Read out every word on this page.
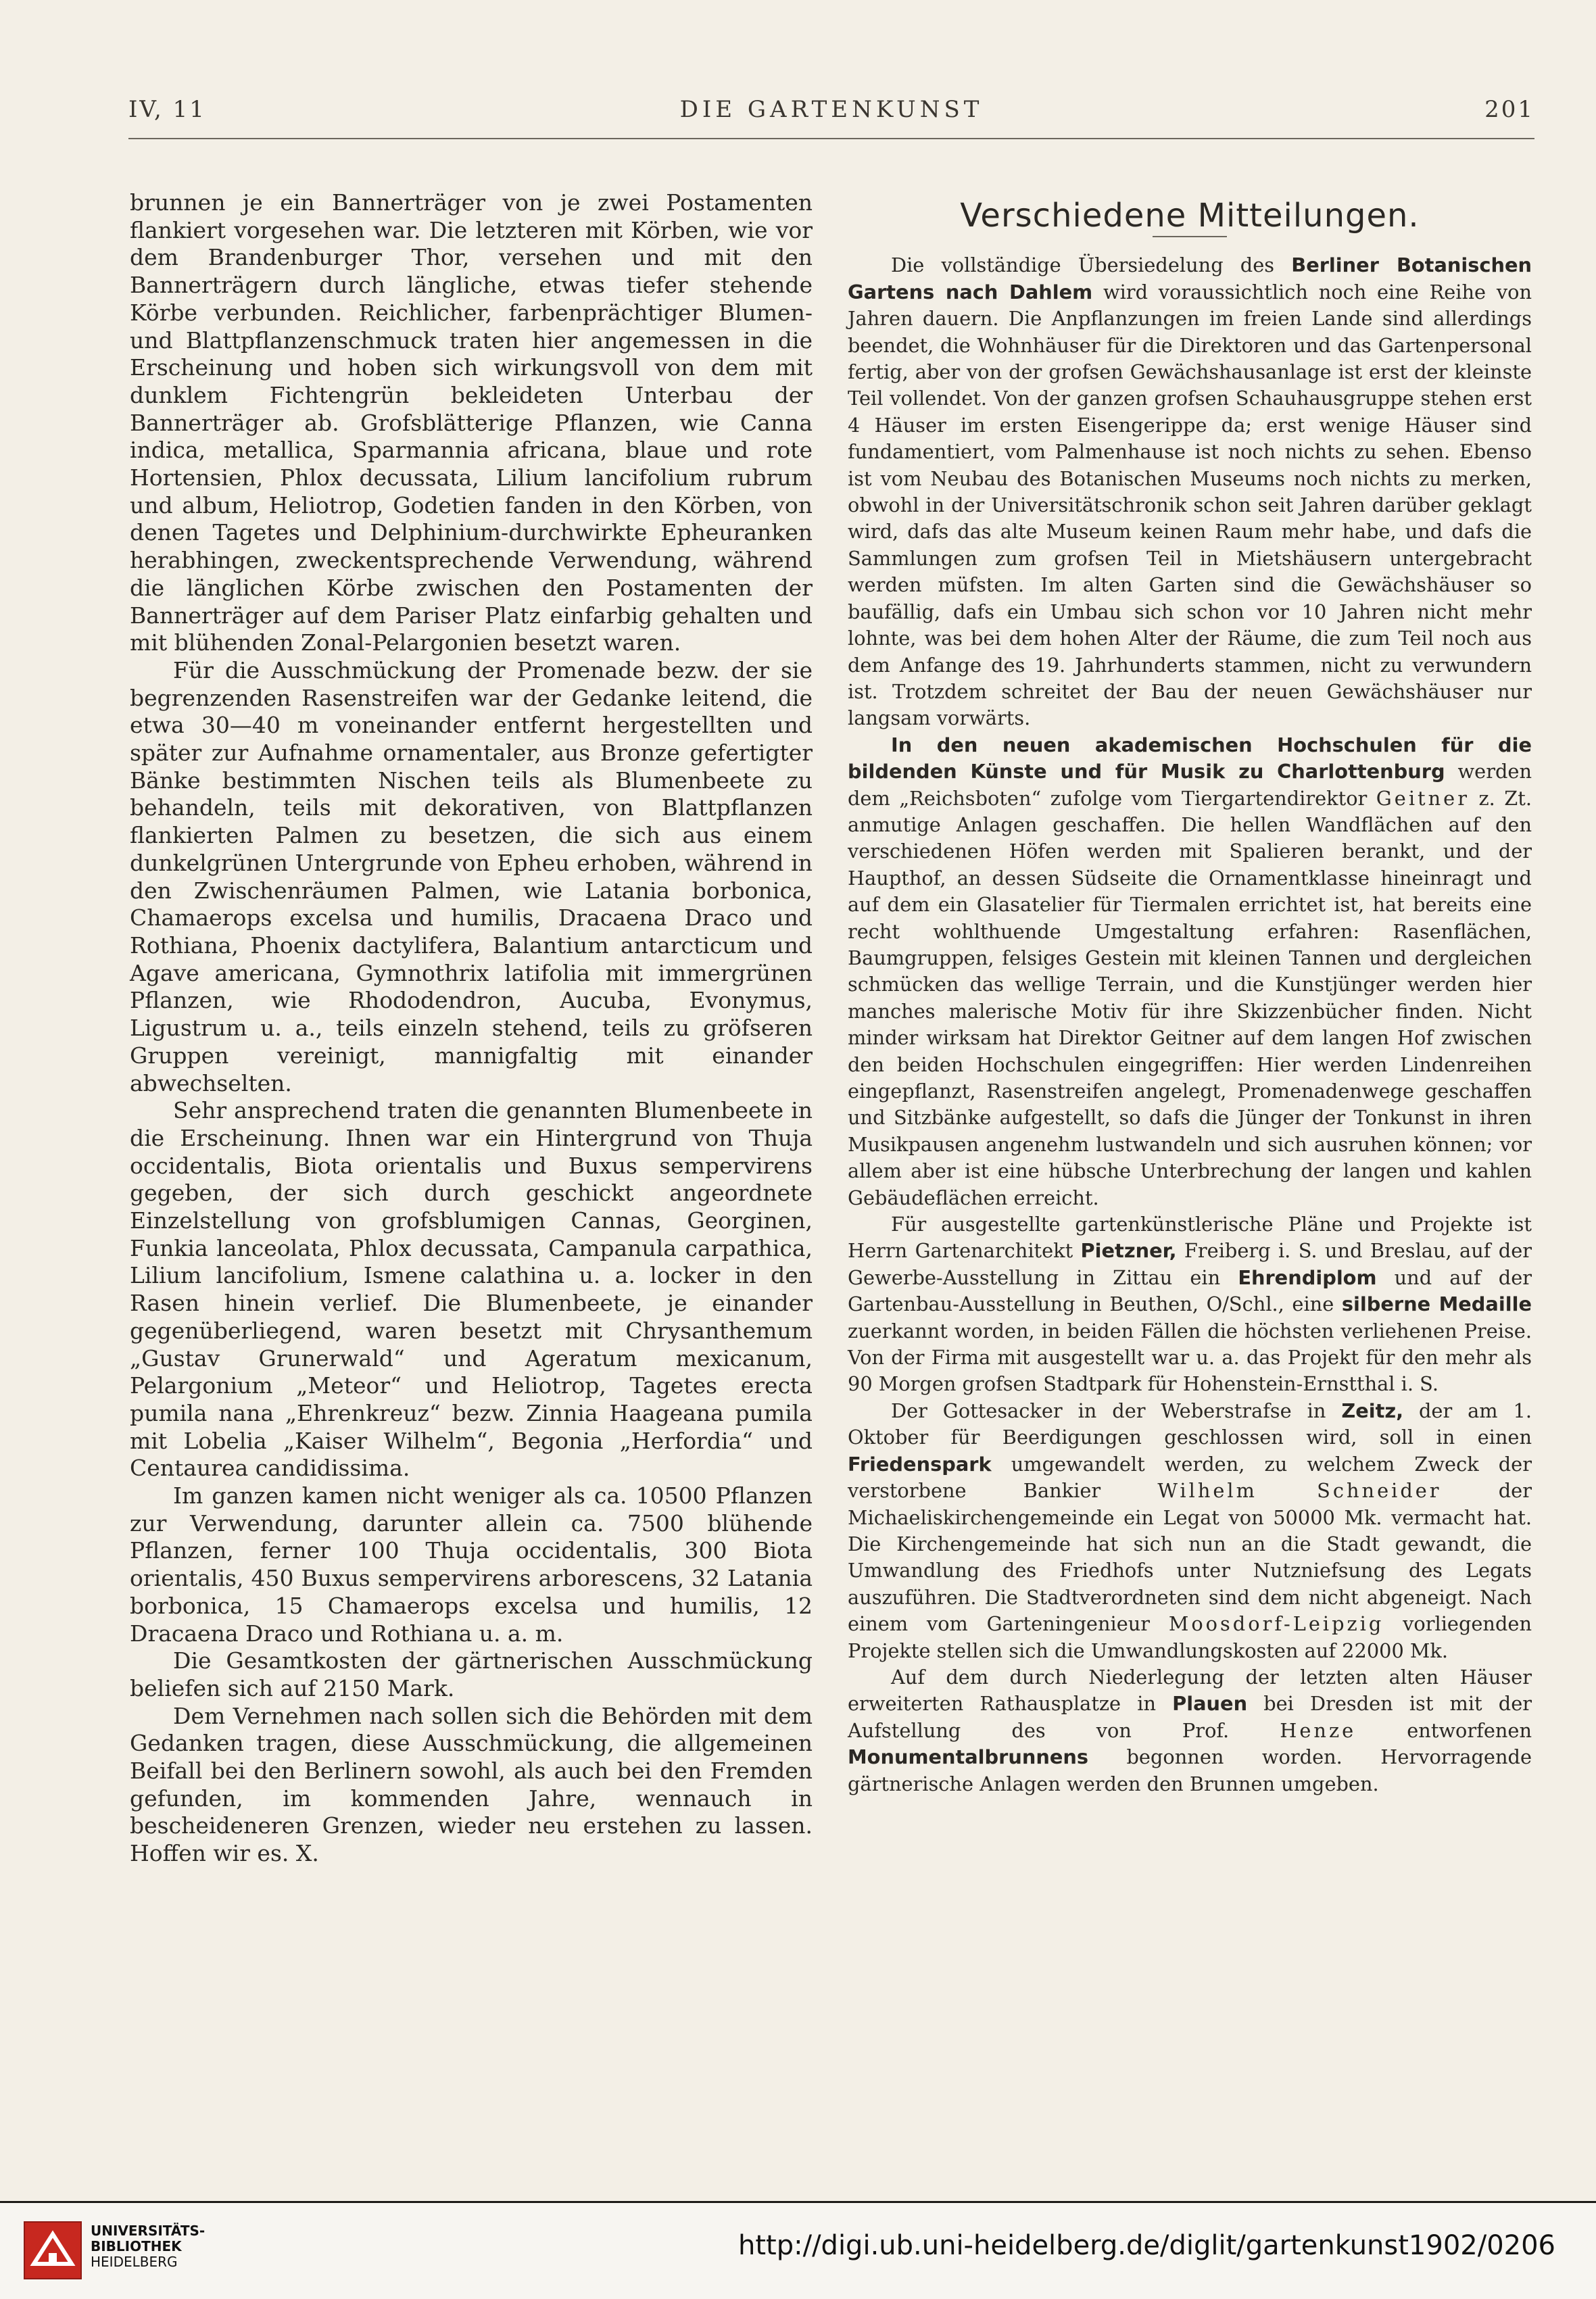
IV, 11	DIE GARTENKUNST	201

brunnen je ein Bannerträger von je zwei Postamenten flankiert vorgesehen war. Die letzteren mit Körben, wie vor dem Brandenburger Thor, versehen und mit den Bannerträgern durch längliche, etwas tiefer stehende Körbe verbunden. Reichlicher, farbenprächtiger Blumen- und Blattpflanzenschmuck traten hier angemessen in die Erscheinung und hoben sich wirkungsvoll von dem mit dunklem Fichtengrün bekleideten Unterbau der Bannerträger ab. Grofsblätterige Pflanzen, wie Canna indica, metallica, Sparmannia africana, blaue und rote Hortensien, Phlox decussata, Lilium lancifolium rubrum und album, Heliotrop, Godetien fanden in den Körben, von denen Tagetes und Delphinium-durchwirkte Epheuranken herabhingen, zweckentsprechende Verwendung, während die länglichen Körbe zwischen den Postamenten der Bannerträger auf dem Pariser Platz einfarbig gehalten und mit blühenden Zonal-Pelargonien besetzt waren.

Für die Ausschmückung der Promenade bezw. der sie begrenzenden Rasenstreifen war der Gedanke leitend, die etwa 30—40 m voneinander entfernt hergestellten und später zur Aufnahme ornamentaler, aus Bronze gefertigter Bänke bestimmten Nischen teils als Blumenbeete zu behandeln, teils mit dekorativen, von Blattpflanzen flankierten Palmen zu besetzen, die sich aus einem dunkelgrünen Untergrunde von Epheu erhoben, während in den Zwischenräumen Palmen, wie Latania borbonica, Chamaerops excelsa und humilis, Dracaena Draco und Rothiana, Phoenix dactylifera, Balantium antarcticum und Agave americana, Gymnothrix latifolia mit immergrünen Pflanzen, wie Rhododendron, Aucuba, Evonymus, Ligustrum u. a., teils einzeln stehend, teils zu gröfseren Gruppen vereinigt, mannigfaltig mit einander abwechselten.

Sehr ansprechend traten die genannten Blumenbeete in die Erscheinung. Ihnen war ein Hintergrund von Thuja occidentalis, Biota orientalis und Buxus sempervirens gegeben, der sich durch geschickt angeordnete Einzelstellung von grofsblumigen Cannas, Georginen, Funkia lanceolata, Phlox decussata, Campanula carpathica, Lilium lancifolium, Ismene calathina u. a. locker in den Rasen hinein verlief. Die Blumenbeete, je einander gegenüberliegend, waren besetzt mit Chrysanthemum „Gustav Grunerwald“ und Ageratum mexicanum, Pelargonium „Meteor“ und Heliotrop, Tagetes erecta pumila nana „Ehrenkreuz“ bezw. Zinnia Haageana pumila mit Lobelia „Kaiser Wilhelm“, Begonia „Herfordia“ und Centaurea candidissima.

Im ganzen kamen nicht weniger als ca. 10500 Pflanzen zur Verwendung, darunter allein ca. 7500 blühende Pflanzen, ferner 100 Thuja occidentalis, 300 Biota orientalis, 450 Buxus sempervirens arborescens, 32 Latania borbonica, 15 Chamaerops excelsa und humilis, 12 Dracaena Draco und Rothiana u. a. m.

Die Gesamtkosten der gärtnerischen Ausschmückung beliefen sich auf 2150 Mark.

Dem Vernehmen nach sollen sich die Behörden mit dem Gedanken tragen, diese Ausschmückung, die allgemeinen Beifall bei den Berlinern sowohl, als auch bei den Fremden gefunden, im kommenden Jahre, wennauch in bescheideneren Grenzen, wieder neu erstehen zu lassen. Hoffen wir es. X.

Verschiedene Mitteilungen.

Die vollständige Übersiedelung des Berliner Botanischen Gartens nach Dahlem wird voraussichtlich noch eine Reihe von Jahren dauern. Die Anpflanzungen im freien Lande sind allerdings beendet, die Wohnhäuser für die Direktoren und das Gartenpersonal fertig, aber von der grofsen Gewächshausanlage ist erst der kleinste Teil vollendet. Von der ganzen grofsen Schauhausgruppe stehen erst 4 Häuser im ersten Eisengerippe da; erst wenige Häuser sind fundamentiert, vom Palmenhause ist noch nichts zu sehen. Ebenso ist vom Neubau des Botanischen Museums noch nichts zu merken, obwohl in der Universitätschronik schon seit Jahren darüber geklagt wird, dafs das alte Museum keinen Raum mehr habe, und dafs die Sammlungen zum grofsen Teil in Mietshäusern untergebracht werden müfsten. Im alten Garten sind die Gewächshäuser so baufällig, dafs ein Umbau sich schon vor 10 Jahren nicht mehr lohnte, was bei dem hohen Alter der Räume, die zum Teil noch aus dem Anfange des 19. Jahrhunderts stammen, nicht zu verwundern ist. Trotzdem schreitet der Bau der neuen Gewächshäuser nur langsam vorwärts.

In den neuen akademischen Hochschulen für die bildenden Künste und für Musik zu Charlottenburg werden dem „Reichsboten“ zufolge vom Tiergartendirektor Geitner z. Zt. anmutige Anlagen geschaffen. Die hellen Wandflächen auf den verschiedenen Höfen werden mit Spalieren berankt, und der Haupthof, an dessen Südseite die Ornamentklasse hineinragt und auf dem ein Glasatelier für Tiermalen errichtet ist, hat bereits eine recht wohlthuende Umgestaltung erfahren: Rasenflächen, Baumgruppen, felsiges Gestein mit kleinen Tannen und dergleichen schmücken das wellige Terrain, und die Kunstjünger werden hier manches malerische Motiv für ihre Skizzenbücher finden. Nicht minder wirksam hat Direktor Geitner auf dem langen Hof zwischen den beiden Hochschulen eingegriffen: Hier werden Lindenreihen eingepflanzt, Rasenstreifen angelegt, Promenadenwege geschaffen und Sitzbänke aufgestellt, so dafs die Jünger der Tonkunst in ihren Musikpausen angenehm lustwandeln und sich ausruhen können; vor allem aber ist eine hübsche Unterbrechung der langen und kahlen Gebäudeflächen erreicht.

Für ausgestellte gartenkünstlerische Pläne und Projekte ist Herrn Gartenarchitekt Pietzner, Freiberg i. S. und Breslau, auf der Gewerbe-Ausstellung in Zittau ein Ehrendiplom und auf der Gartenbau-Ausstellung in Beuthen, O/Schl., eine silberne Medaille zuerkannt worden, in beiden Fällen die höchsten verliehenen Preise. Von der Firma mit ausgestellt war u. a. das Projekt für den mehr als 90 Morgen grofsen Stadtpark für Hohenstein-Ernstthal i. S.

Der Gottesacker in der Weberstrafse in Zeitz, der am 1. Oktober für Beerdigungen geschlossen wird, soll in einen Friedenspark umgewandelt werden, zu welchem Zweck der verstorbene Bankier Wilhelm Schneider der Michaeliskirchengemeinde ein Legat von 50000 Mk. vermacht hat. Die Kirchengemeinde hat sich nun an die Stadt gewandt, die Umwandlung des Friedhofs unter Nutzniefsung des Legats auszuführen. Die Stadtverordneten sind dem nicht abgeneigt. Nach einem vom Garteningenieur Moosdorf-Leipzig vorliegenden Projekte stellen sich die Umwandlungskosten auf 22000 Mk.

Auf dem durch Niederlegung der letzten alten Häuser erweiterten Rathausplatze in Plauen bei Dresden ist mit der Aufstellung des von Prof. Henze entworfenen Monumentalbrunnens begonnen worden. Hervorragende gärtnerische Anlagen werden den Brunnen umgeben.

UNIVERSITÄTS-
BIBLIOTHEK
HEIDELBERG
http://digi.ub.uni-heidelberg.de/diglit/gartenkunst1902/0206
